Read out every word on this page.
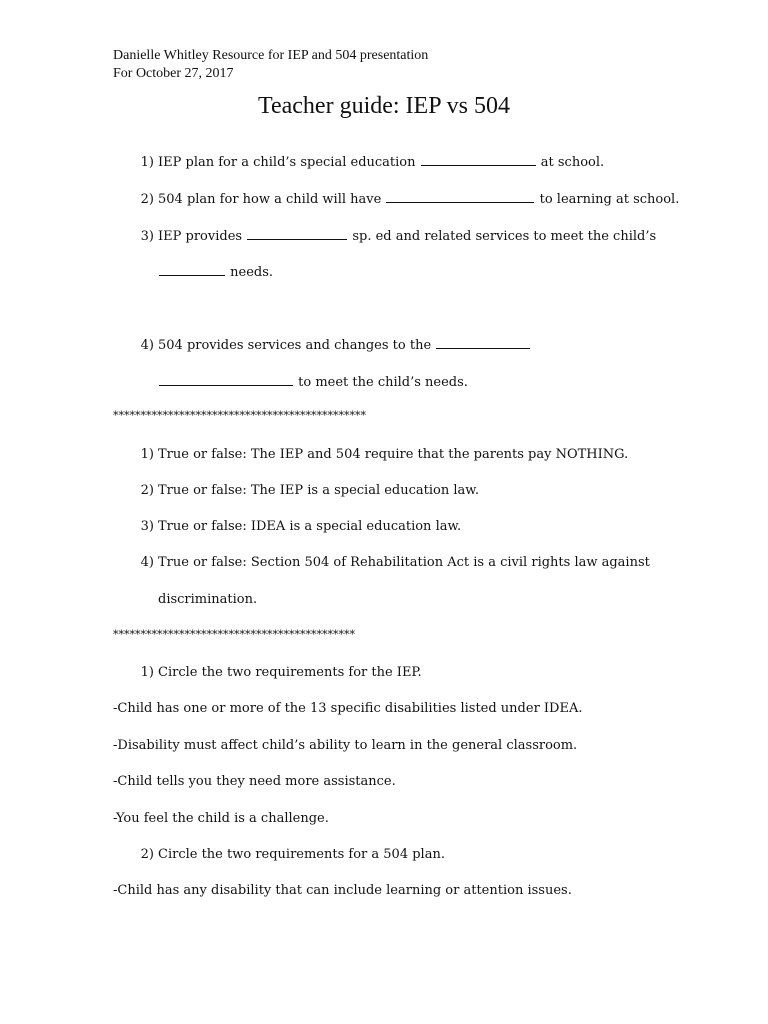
Danielle Whitley Resource for IEP and 504 presentation
For October 27, 2017
Teacher guide: IEP vs 504
1) IEP plan for a child’s special education	at school.
2) 504 plan for how a child will have	to learning at school.
3) IEP provides	sp. ed and related services to meet the child’s
needs.
4) 504 provides services and changes to the
to meet the child’s needs.
**********************************************
1) True or false: The IEP and 504 require that the parents pay NOTHING.
2) True or false: The IEP is a special education law.
3) True or false: IDEA is a special education law.
4) True or false: Section 504 of Rehabilitation Act is a civil rights law against
discrimination.
********************************************
1) Circle the two requirements for the IEP.
-Child has one or more of the 13 specific disabilities listed under IDEA.
-Disability must affect child’s ability to learn in the general classroom.
-Child tells you they need more assistance.
-You feel the child is a challenge.
2) Circle the two requirements for a 504 plan.
-Child has any disability that can include learning or attention issues.
